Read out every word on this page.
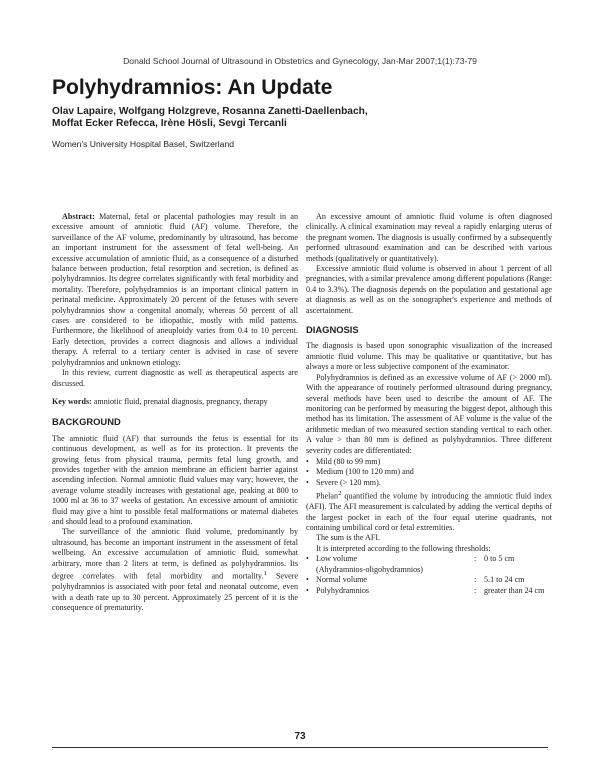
Donald School Journal of Ultrasound in Obstetrics and Gynecology, Jan-Mar 2007;1(1):73-79
Polyhydramnios: An Update
Olav Lapaire, Wolfgang Holzgreve, Rosanna Zanetti-Daellenbach,
Moffat Ecker Refecca, Irène Hösli, Sevgi Tercanli
Women's University Hospital Basel, Switzerland

Abstract: Maternal, fetal or placental pathologies may result in an excessive amount of amniotic fluid (AF) volume. Therefore, the surveillance of the AF volume, predominantly by ultrasound, has become an important instrument for the assessment of fetal well-being. An excessive accumulation of amniotic fluid, as a consequence of a disturbed balance between production, fetal resorption and secretion, is defined as polyhydramnios. Its degree correlates significantly with fetal morbidity and mortality. Therefore, polyhydramnios is an important clinical pattern in perinatal medicine. Approximately 20 percent of the fetuses with severe polyhydramnios show a congenital anomaly, whereas 50 percent of all cases are considered to be idiopathic, mostly with mild patterns. Furthermore, the likelihood of aneuploidy varies from 0.4 to 10 percent. Early detection, provides a correct diagnosis and allows a individual therapy. A referral to a tertiary center is advised in case of severe polyhydramnios and unknown etiology.

In this review, current diagnostic as well as therapeutical aspects are discussed.

Key words: amniotic fluid, prenatal diagnosis, pregnancy, therapy

BACKGROUND

The amniotic fluid (AF) that surrounds the fetus is essential for its continuous development, as well as for its protection. It prevents the growing fetus from physical trauma, permits fetal lung growth, and provides together with the amnion membrane an efficient barrier against ascending infection. Normal amniotic fluid values may vary; however, the average volume steadily increases with gestational age, peaking at 800 to 1000 ml at 36 to 37 weeks of gestation. An excessive amount of amniotic fluid may give a hint to possible fetal malformations or maternal diabetes and should lead to a profound examination.

The surveillance of the amniotic fluid volume, predominantly by ultrasound, has become an important instrument in the assessment of fetal wellbeing. An excessive accumulation of amniotic fluid, somewhat arbitrary, more than 2 liters at term, is defined as polyhydramnios. Its degree correlates with fetal morbidity and mortality.$^1$ Severe polyhydramnios is associated with poor fetal and neonatal outcome, even with a death rate up to 30 percent. Approximately 25 percent of it is the consequence of prematurity.

An excessive amount of amniotic fluid volume is often diagnosed clinically. A clinical examination may reveal a rapidly enlarging uterus of the pregnant women. The diagnosis is usually confirmed by a subsequently performed ultrasound examination and can be described with various methods (qualitatively or quantitatively).

Excessive amniotic fluid volume is observed in about 1 percent of all pregnancies, with a similar prevalence among different populations (Range: 0.4 to 3.3%). The diagnosis depends on the population and gestational age at diagnosis as well as on the sonographer's experience and methods of ascertainment.

DIAGNOSIS

The diagnosis is based upon sonographic visualization of the increased amniotic fluid volume. This may be qualitative or quantitative, but has always a more or less subjective component of the examinator.

Polyhydramnios is defined as an excessive volume of AF (> 2000 ml). With the appearance of routinely performed ultrasound during pregnancy, several methods have been used to describe the amount of AF. The monitoring can be performed by measuring the biggest depot, although this method has its limitation. The assessment of AF volume is the value of the arithmetic median of two measured section standing vertical to each other. A value > than 80 mm is defined as polyhydramnios. Three different severity codes are differentiated:

• Mild (80 to 99 mm)
• Medium (100 to 120 mm) and
• Severe (> 120 mm).

Phelan$^2$ quantified the volume by introducing the amniotic fluid index (AFI). The AFI measurement is calculated by adding the vertical depths of the largest pocket in each of the four equal uterine quadrants, not containing umbilical cord or fetal extremities.

The sum is the AFI.

It is interpreted according to the following thresholds:

• Low volume	: 0 to 5 cm
(Ahydramnios-oligohydramnios)
• Normal volume	: 5.1 to 24 cm
• Polyhydramnios	: greater than 24 cm
73
